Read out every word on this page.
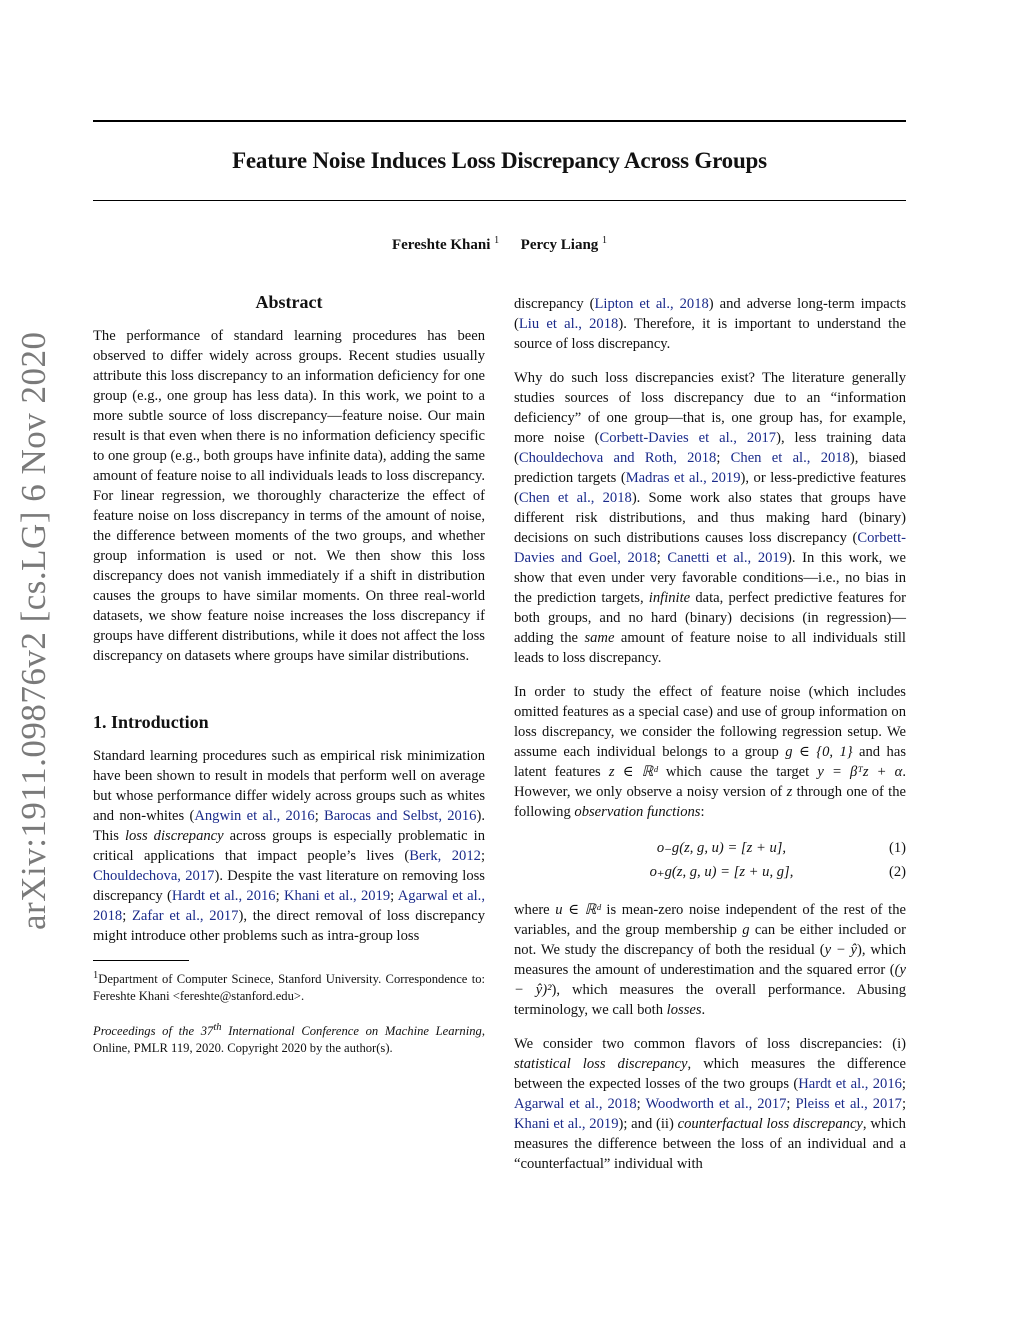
arXiv:1911.09876v2 [cs.LG] 6 Nov 2020
Feature Noise Induces Loss Discrepancy Across Groups
Fereshte Khani $^1$ Percy Liang $^1$
Abstract

The performance of standard learning procedures has been observed to differ widely across groups. Recent studies usually attribute this loss discrepancy to an information deficiency for one group (e.g., one group has less data). In this work, we point to a more subtle source of loss discrepancy—feature noise. Our main result is that even when there is no information deficiency specific to one group (e.g., both groups have infinite data), adding the same amount of feature noise to all individuals leads to loss discrepancy. For linear regression, we thoroughly characterize the effect of feature noise on loss discrepancy in terms of the amount of noise, the difference between moments of the two groups, and whether group information is used or not. We then show this loss discrepancy does not vanish immediately if a shift in distribution causes the groups to have similar moments. On three real-world datasets, we show feature noise increases the loss discrepancy if groups have different distributions, while it does not affect the loss discrepancy on datasets where groups have similar distributions.

1. Introduction

Standard learning procedures such as empirical risk minimization have been shown to result in models that perform well on average but whose performance differ widely across groups such as whites and non-whites (Angwin et al., 2016; Barocas and Selbst, 2016). This loss discrepancy across groups is especially problematic in critical applications that impact people’s lives (Berk, 2012; Chouldechova, 2017). Despite the vast literature on removing loss discrepancy (Hardt et al., 2016; Khani et al., 2019; Agarwal et al., 2018; Zafar et al., 2017), the direct removal of loss discrepancy might introduce other problems such as intra-group loss

$^1$Department of Computer Scinece, Stanford University. Correspondence to: Fereshte Khani <fereshte@stanford.edu>.
Proceedings of the 37th International Conference on Machine Learning, Online, PMLR 119, 2020. Copyright 2020 by the author(s).

discrepancy (Lipton et al., 2018) and adverse long-term impacts (Liu et al., 2018). Therefore, it is important to understand the source of loss discrepancy.

Why do such loss discrepancies exist? The literature generally studies sources of loss discrepancy due to an “information deficiency” of one group—that is, one group has, for example, more noise (Corbett-Davies et al., 2017), less training data (Chouldechova and Roth, 2018; Chen et al., 2018), biased prediction targets (Madras et al., 2019), or less-predictive features (Chen et al., 2018). Some work also states that groups have different risk distributions, and thus making hard (binary) decisions on such distributions causes loss discrepancy (Corbett-Davies and Goel, 2018; Canetti et al., 2019). In this work, we show that even under very favorable conditions—i.e., no bias in the prediction targets, infinite data, perfect predictive features for both groups, and no hard (binary) decisions (in regression)—adding the same amount of feature noise to all individuals still leads to loss discrepancy.

In order to study the effect of feature noise (which includes omitted features as a special case) and use of group information on loss discrepancy, we consider the following regression setup. We assume each individual belongs to a group g ∈ {0, 1} and has latent features z ∈ ℝᵈ which cause the target y = βᵀz + α. However, we only observe a noisy version of z through one of the following observation functions:

o₋g(z, g, u) = [z + u],	(1)
o₊g(z, g, u) = [z + u, g],	(2)

where u ∈ ℝᵈ is mean-zero noise independent of the rest of the variables, and the group membership g can be either included or not. We study the discrepancy of both the residual (y − ŷ), which measures the amount of underestimation and the squared error ((y − ŷ)²), which measures the overall performance. Abusing terminology, we call both losses.

We consider two common flavors of loss discrepancies: (i) statistical loss discrepancy, which measures the difference between the expected losses of the two groups (Hardt et al., 2016; Agarwal et al., 2018; Woodworth et al., 2017; Pleiss et al., 2017; Khani et al., 2019); and (ii) counterfactual loss discrepancy, which measures the difference between the loss of an individual and a “counterfactual” individual with
